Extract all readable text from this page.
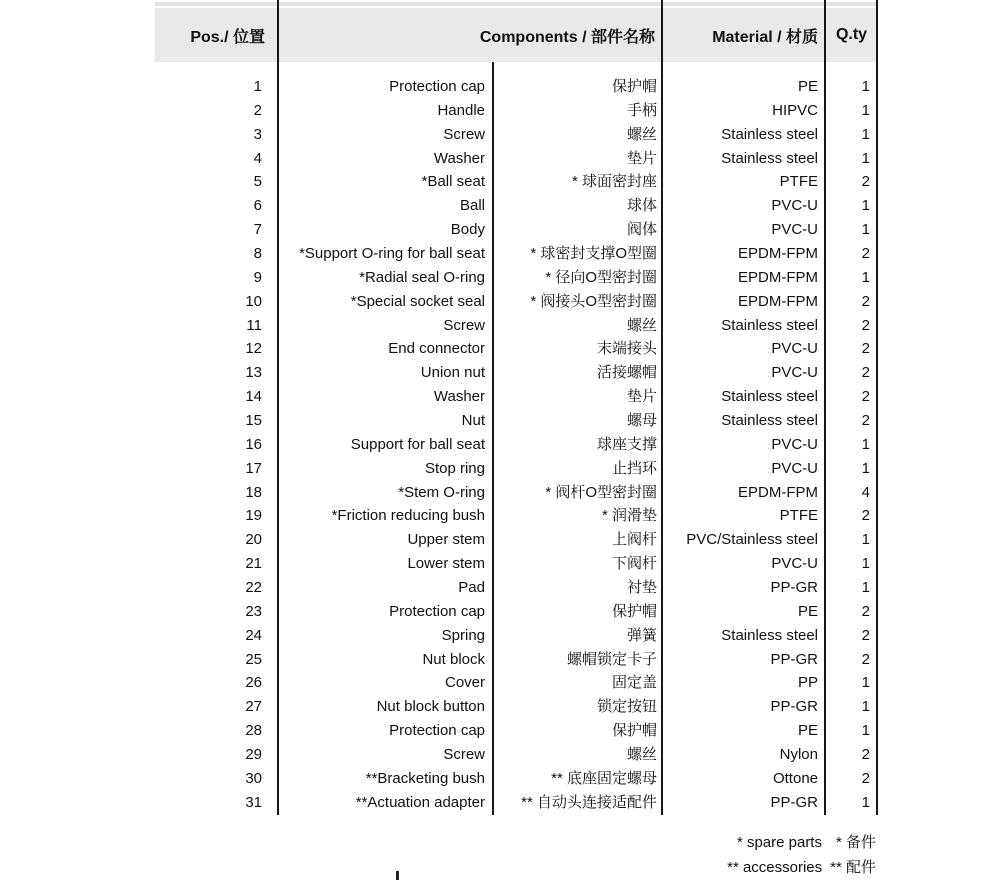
Pos./ 位置	Components / 部件名称	Material / 材质	Q.ty
1	Protection cap	保护帽	PE	1
2	Handle	手柄	HIPVC	1
3	Screw	螺丝	Stainless steel	1
4	Washer	垫片	Stainless steel	1
5	*Ball seat	* 球面密封座	PTFE	2
6	Ball	球体	PVC-U	1
7	Body	阀体	PVC-U	1
8	*Support O-ring for ball seat	* 球密封支撑O型圈	EPDM-FPM	2
9	*Radial seal O-ring	* 径向O型密封圈	EPDM-FPM	1
10	*Special socket seal	* 阀接头O型密封圈	EPDM-FPM	2
11	Screw	螺丝	Stainless steel	2
12	End connector	末端接头	PVC-U	2
13	Union nut	活接螺帽	PVC-U	2
14	Washer	垫片	Stainless steel	2
15	Nut	螺母	Stainless steel	2
16	Support for ball seat	球座支撑	PVC-U	1
17	Stop ring	止挡环	PVC-U	1
18	*Stem O-ring	* 阀杆O型密封圈	EPDM-FPM	4
19	*Friction reducing bush	* 润滑垫	PTFE	2
20	Upper stem	上阀杆	PVC/Stainless steel	1
21	Lower stem	下阀杆	PVC-U	1
22	Pad	衬垫	PP-GR	1
23	Protection cap	保护帽	PE	2
24	Spring	弹簧	Stainless steel	2
25	Nut block	螺帽锁定卡子	PP-GR	2
26	Cover	固定盖	PP	1
27	Nut block button	锁定按钮	PP-GR	1
28	Protection cap	保护帽	PE	1
29	Screw	螺丝	Nylon	2
30	**Bracketing bush	** 底座固定螺母	Ottone	2
31	**Actuation adapter	** 自动头连接适配件	PP-GR	1
* spare parts * 备件
** accessories ** 配件
